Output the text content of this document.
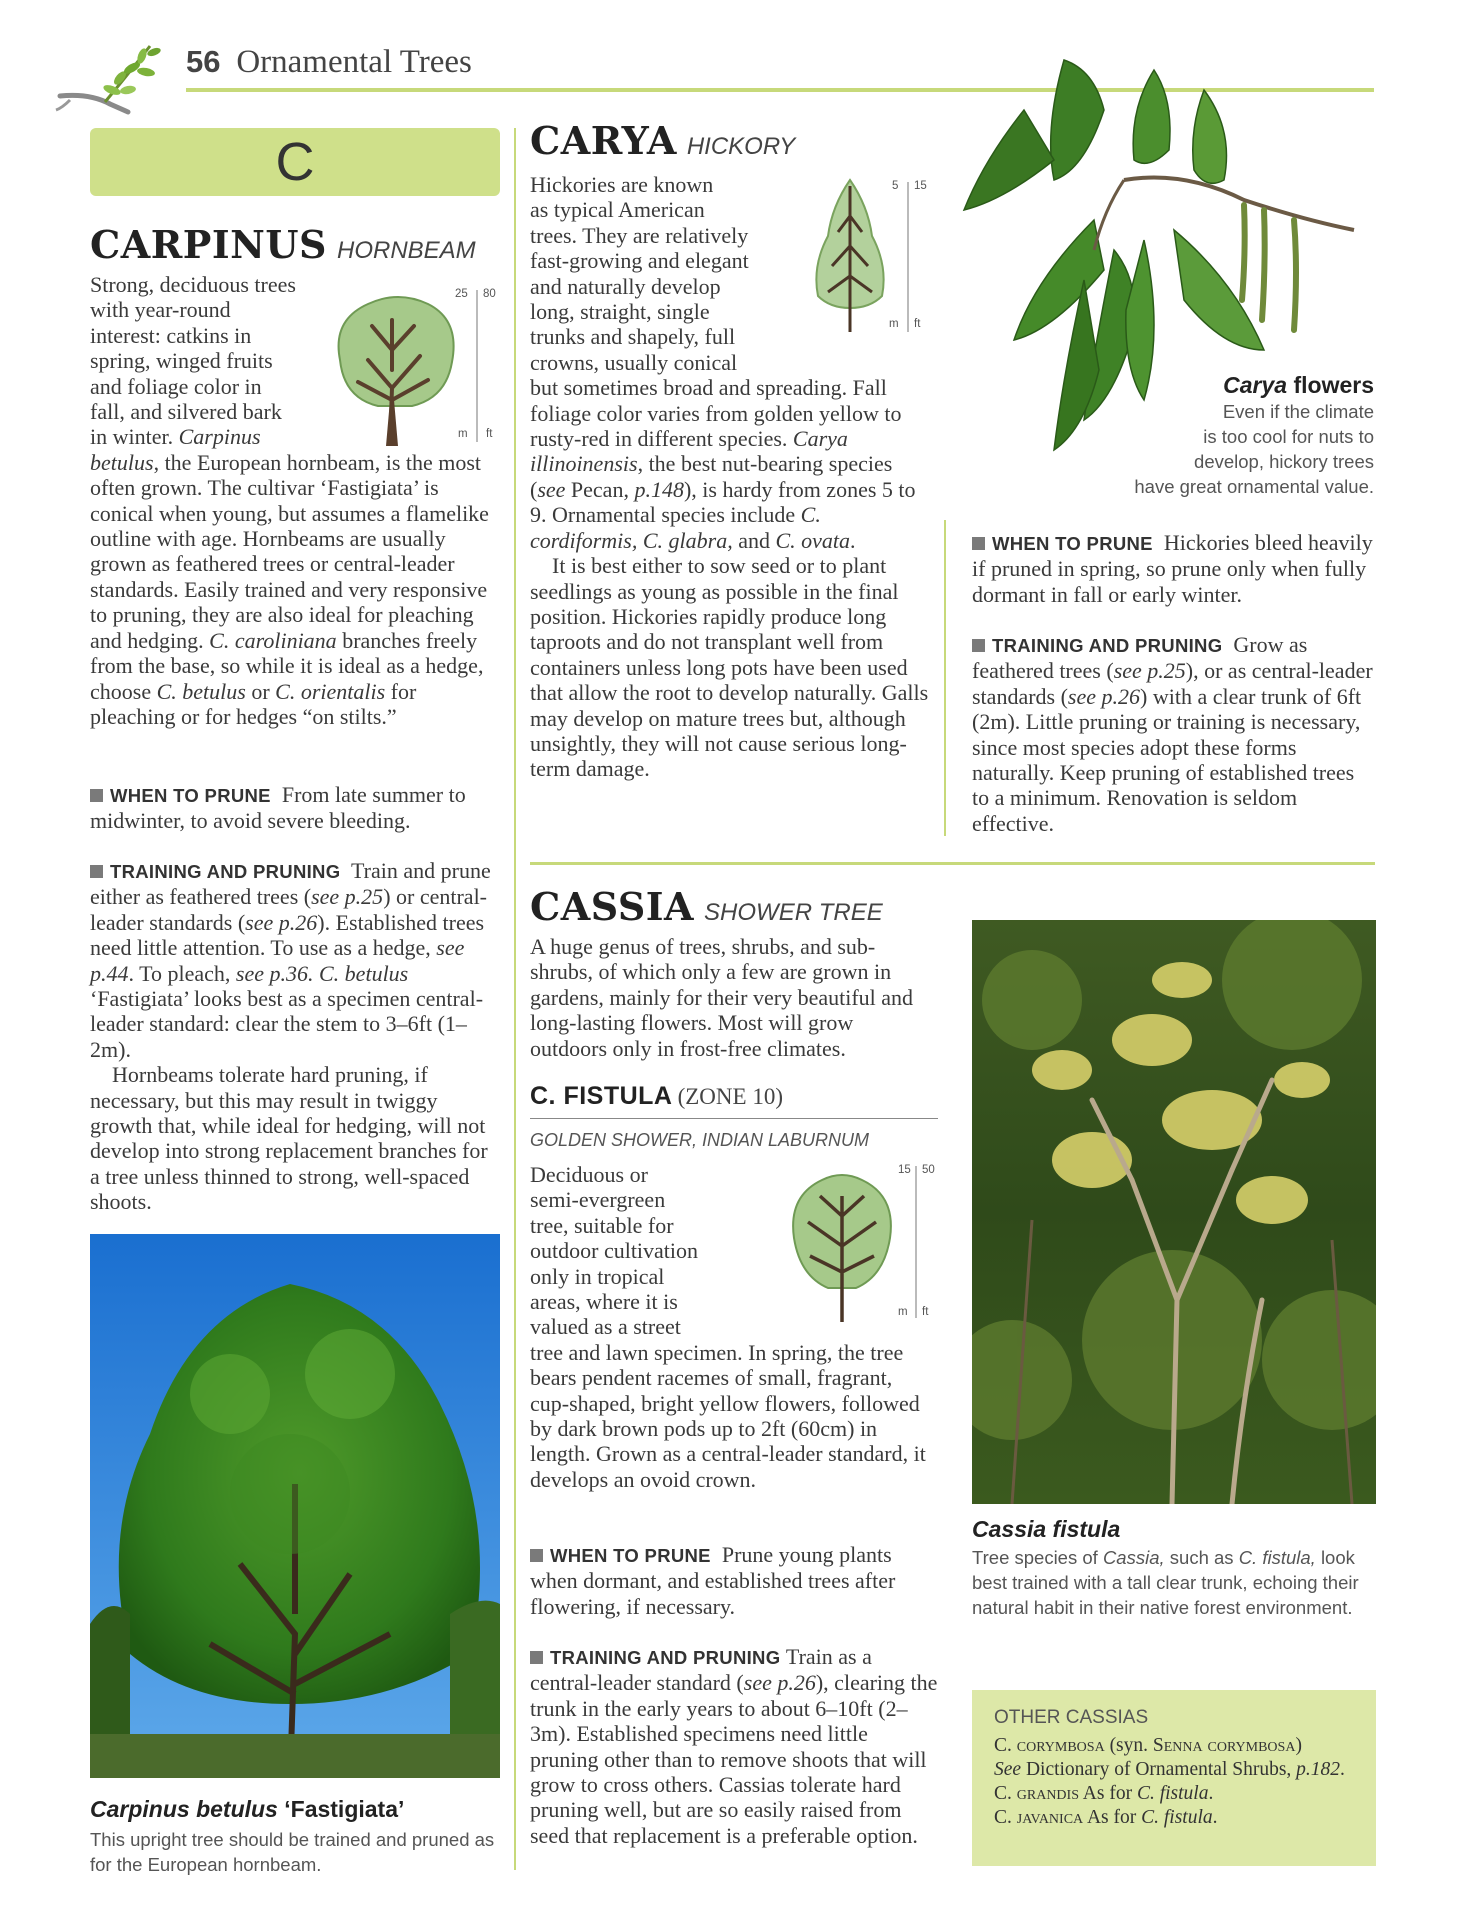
56 Ornamental Trees
C
CARPINUS HORNBEAM
25 80
m ft

Strong, deciduous trees

with year-round

interest: catkins in

spring, winged fruits

and foliage color in

fall, and silvered bark

in winter. Carpinus

betulus, the European hornbeam, is the most often grown. The cultivar ‘Fastigiata’ is conical when young, but assumes a flamelike outline with age. Hornbeams are usually grown as feathered trees or central-leader standards. Easily trained and very responsive to pruning, they are also ideal for pleaching and hedging. C. caroliniana branches freely from the base, so while it is ideal as a hedge, choose C. betulus or C. orientalis for pleaching or for hedges “on stilts.”

WHEN TO PRUNE From late summer to midwinter, to avoid severe bleeding.

TRAINING AND PRUNING Train and prune either as feathered trees (see p.25) or central-leader standards (see p.26). Established trees need little attention. To use as a hedge, see p.44. To pleach, see p.36. C. betulus ‘Fastigiata’ looks best as a specimen central-leader standard: clear the stem to 3–6ft (1–2m).

Hornbeams tolerate hard pruning, if necessary, but this may result in twiggy growth that, while ideal for hedging, will not develop into strong replacement branches for a tree unless thinned to strong, well-spaced shoots.

Carpinus betulus ‘Fastigiata’
This upright tree should be trained and pruned as for the European hornbeam.
CARYA HICKORY
5 15
m ft

Hickories are known

as typical American

trees. They are relatively

fast-growing and elegant

and naturally develop

long, straight, single

trunks and shapely, full

crowns, usually conical

but sometimes broad and spreading. Fall foliage color varies from golden yellow to rusty-red in different species. Carya illinoinensis, the best nut-bearing species (see Pecan, p.148), is hardy from zones 5 to 9. Ornamental species include C. cordiformis, C. glabra, and C. ovata.

It is best either to sow seed or to plant seedlings as young as possible in the final position. Hickories rapidly produce long taproots and do not transplant well from containers unless long pots have been used that allow the root to develop naturally. Galls may develop on mature trees but, although unsightly, they will not cause serious long-term damage.

CASSIA SHOWER TREE
A huge genus of trees, shrubs, and sub-shrubs, of which only a few are grown in gardens, mainly for their very beautiful and long-lasting flowers. Most will grow outdoors only in frost-free climates.
C. FISTULA (ZONE 10)
GOLDEN SHOWER, INDIAN LABURNUM
15 50
m ft

Deciduous or

semi-evergreen

tree, suitable for

outdoor cultivation

only in tropical

areas, where it is

valued as a street

tree and lawn specimen. In spring, the tree bears pendent racemes of small, fragrant, cup-shaped, bright yellow flowers, followed by dark brown pods up to 2ft (60cm) in length. Grown as a central-leader standard, it develops an ovoid crown.

WHEN TO PRUNE Prune young plants when dormant, and established trees after flowering, if necessary.
TRAINING AND PRUNING Train as a central-leader standard (see p.26), clearing the trunk in the early years to about 6–10ft (2–3m). Established specimens need little pruning other than to remove shoots that will grow to cross others. Cassias tolerate hard pruning well, but are so easily raised from seed that replacement is a preferable option.
Carya flowers
Even if the climate
is too cool for nuts to
develop, hickory trees
have great ornamental value.
WHEN TO PRUNE Hickories bleed heavily if pruned in spring, so prune only when fully dormant in fall or early winter.
TRAINING AND PRUNING Grow as feathered trees (see p.25), or as central-leader standards (see p.26) with a clear trunk of 6ft (2m). Little pruning or training is necessary, since most species adopt these forms naturally. Keep pruning of established trees to a minimum. Renovation is seldom effective.
Cassia fistula
Tree species of Cassia, such as C. fistula, look best trained with a tall clear trunk, echoing their natural habit in their native forest environment.
OTHER CASSIAS
C. corymbosa (syn. Senna corymbosa)
See Dictionary of Ornamental Shrubs, p.182.
C. grandis As for C. fistula.
C. javanica As for C. fistula.
